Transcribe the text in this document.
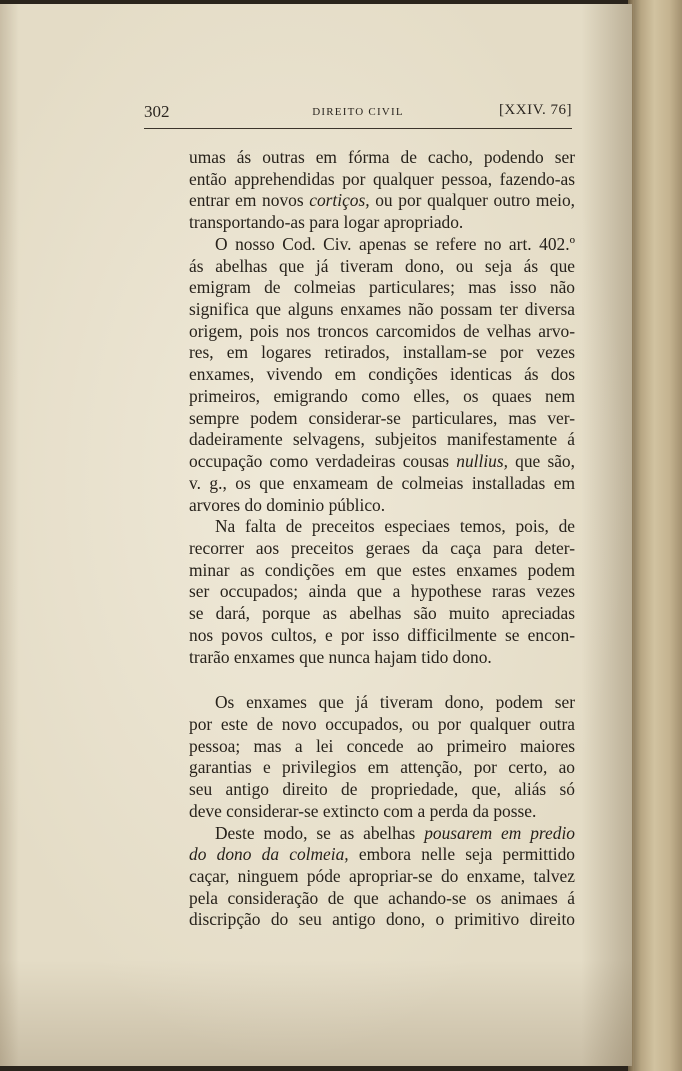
302	DIREITO CIVIL	[XXIV. 76]
umas ás outras em fórma de cacho, podendo ser
então apprehendidas por qualquer pessoa, fazendo-as
entrar em novos cortiços, ou por qualquer outro meio,
transportando-as para logar apropriado.
O nosso Cod. Civ. apenas se refere no art. 402.º
ás abelhas que já tiveram dono, ou seja ás que
emigram de colmeias particulares; mas isso não
significa que alguns enxames não possam ter diversa
origem, pois nos troncos carcomidos de velhas arvo-
res, em logares retirados, installam-se por vezes
enxames, vivendo em condições identicas ás dos
primeiros, emigrando como elles, os quaes nem
sempre podem considerar-se particulares, mas ver-
dadeiramente selvagens, subjeitos manifestamente á
occupação como verdadeiras cousas nullius, que são,
v. g., os que enxameam de colmeias installadas em
arvores do dominio público.
Na falta de preceitos especiaes temos, pois, de
recorrer aos preceitos geraes da caça para deter-
minar as condições em que estes enxames podem
ser occupados; ainda que a hypothese raras vezes
se dará, porque as abelhas são muito apreciadas
nos povos cultos, e por isso difficilmente se encon-
trarão enxames que nunca hajam tido dono.
Os enxames que já tiveram dono, podem ser
por este de novo occupados, ou por qualquer outra
pessoa; mas a lei concede ao primeiro maiores
garantias e privilegios em attenção, por certo, ao
seu antigo direito de propriedade, que, aliás só
deve considerar-se extincto com a perda da posse.
Deste modo, se as abelhas pousarem em predio
do dono da colmeia, embora nelle seja permittido
caçar, ninguem póde apropriar-se do enxame, talvez
pela consideração de que achando-se os animaes á
discripção do seu antigo dono, o primitivo direito
